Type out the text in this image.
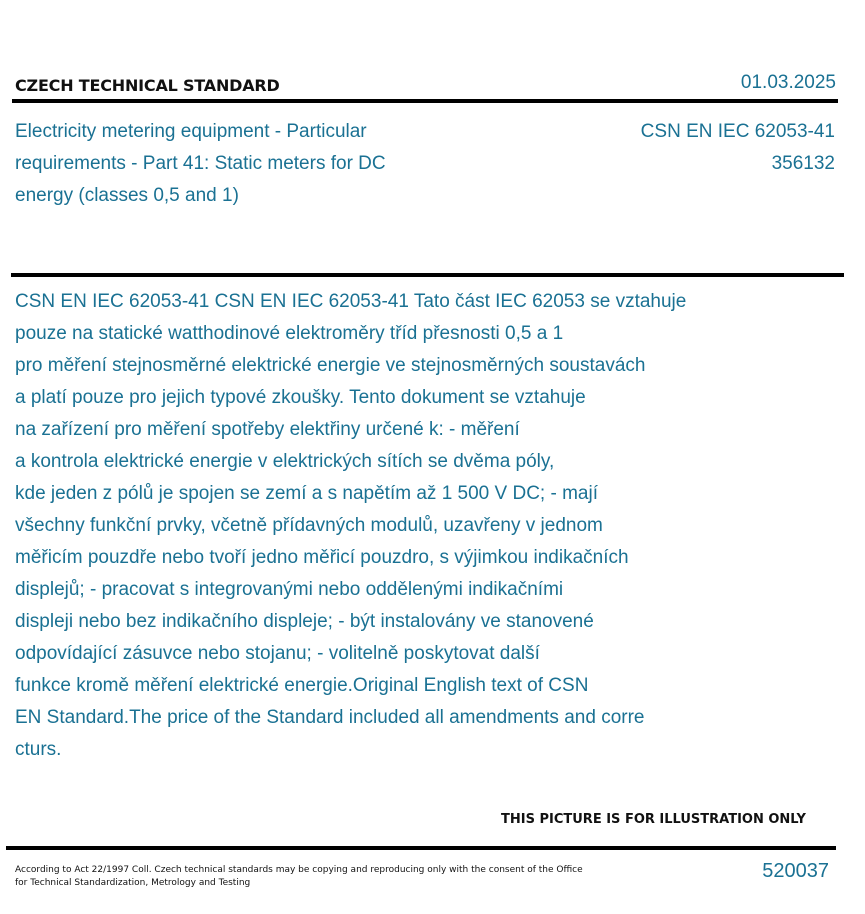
CZECH TECHNICAL STANDARD	01.03.2025
Electricity metering equipment - Particular requirements - Part 41: Static meters for DC energy (classes 0,5 and 1)
CSN EN IEC 62053-41
356132
CSN EN IEC 62053-41 CSN EN IEC 62053-41 Tato část IEC 62053 se vztahuje
pouze na statické watthodinové elektroměry tříd přesnosti 0,5 a 1
pro měření stejnosměrné elektrické energie ve stejnosměrných soustavách
a platí pouze pro jejich typové zkoušky. Tento dokument se vztahuje
na zařízení pro měření spotřeby elektřiny určené k: - měření
a kontrola elektrické energie v elektrických sítích se dvěma póly,
kde jeden z pólů je spojen se zemí a s napětím až 1 500 V DC; - mají
všechny funkční prvky, včetně přídavných modulů, uzavřeny v jednom
měřicím pouzdře nebo tvoří jedno měřicí pouzdro, s výjimkou indikačních
displejů; - pracovat s integrovanými nebo oddělenými indikačními
displeji nebo bez indikačního displeje; - být instalovány ve stanovené
odpovídající zásuvce nebo stojanu; - volitelně poskytovat další
funkce kromě měření elektrické energie.Original English text of CSN
EN Standard.The price of the Standard included all amendments and corre
cturs.
THIS PICTURE IS FOR ILLUSTRATION ONLY
According to Act 22/1997 Coll. Czech technical standards may be copying and reproducing only with the consent of the Office for Technical Standardization, Metrology and Testing
520037
